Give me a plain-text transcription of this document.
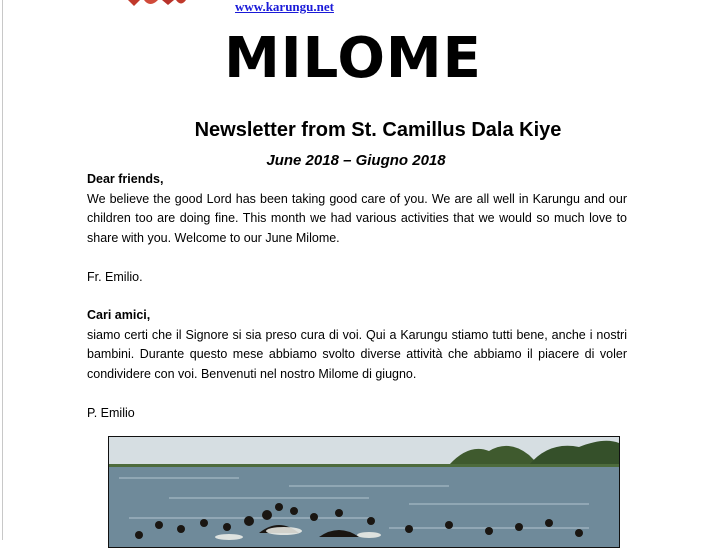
www.karungu.net
MILOME
Newsletter from St. Camillus Dala Kiye
June 2018 – Giugno 2018

Dear friends,

We believe the good Lord has been taking good care of you. We are all well in Karungu and our children too are doing fine. This month we had various activities that we would so much love to share with you. Welcome to our June Milome.

Fr. Emilio.

Cari amici,

siamo certi che il Signore si sia preso cura di voi. Qui a Karungu stiamo tutti bene, anche i nostri bambini. Durante questo mese abbiamo svolto diverse attività che abbiamo il piacere di voler condividere con voi. Benvenuti nel nostro Milome di giugno.

P. Emilio
